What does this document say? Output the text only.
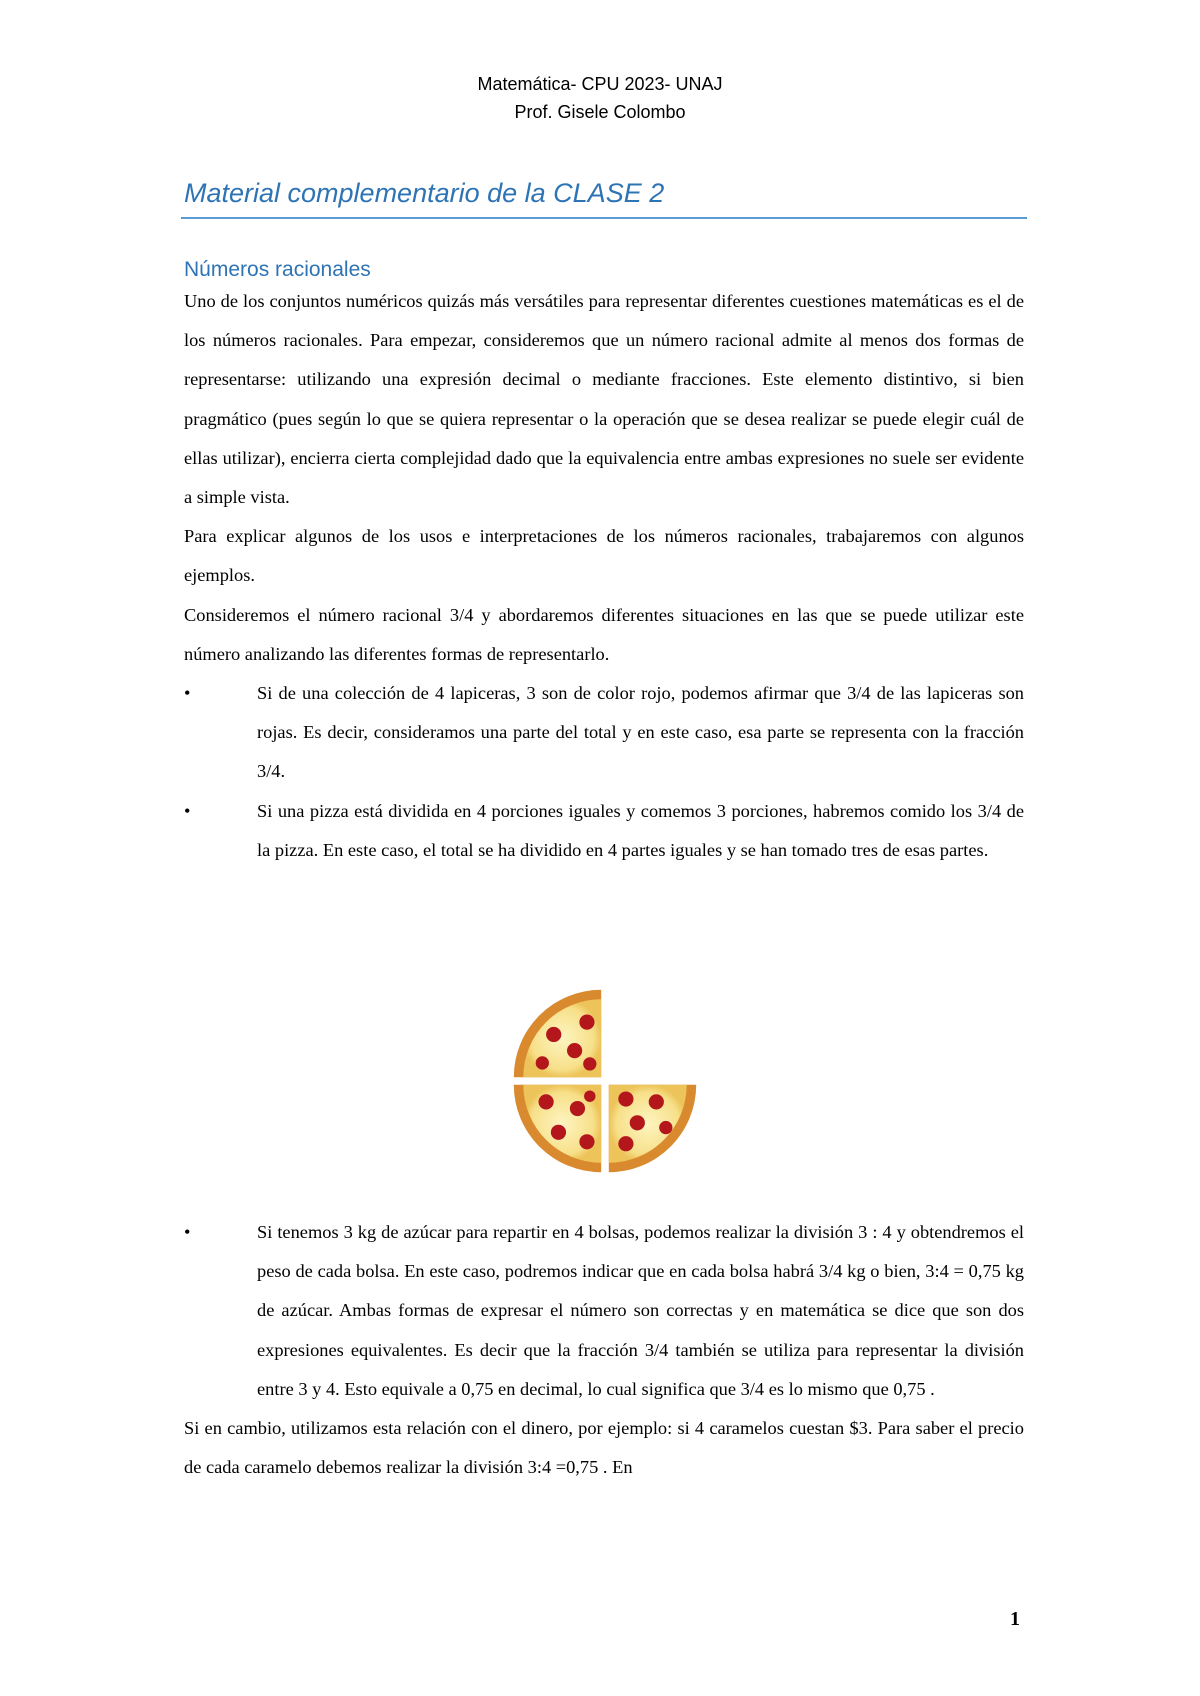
Matemática- CPU 2023- UNAJ
Prof. Gisele Colombo
Material complementario de la CLASE 2
Números racionales

Uno de los conjuntos numéricos quizás más versátiles para representar diferentes cuestiones matemáticas es el de los números racionales. Para empezar, consideremos que un número racional admite al menos dos formas de representarse: utilizando una expresión decimal o mediante fracciones. Este elemento distintivo, si bien pragmático (pues según lo que se quiera representar o la operación que se desea realizar se puede elegir cuál de ellas utilizar), encierra cierta complejidad dado que la equivalencia entre ambas expresiones no suele ser evidente a simple vista.

Para explicar algunos de los usos e interpretaciones de los números racionales, trabajaremos con algunos ejemplos.

Consideremos el número racional 3/4 y abordaremos diferentes situaciones en las que se puede utilizar este número analizando las diferentes formas de representarlo.

•	Si de una colección de 4 lapiceras, 3 son de color rojo, podemos afirmar que 3/4 de las lapiceras son rojas. Es decir, consideramos una parte del total y en este caso, esa parte se representa con la fracción 3/4.
•	Si una pizza está dividida en 4 porciones iguales y comemos 3 porciones, habremos comido los 3/4 de la pizza. En este caso, el total se ha dividido en 4 partes iguales y se han tomado tres de esas partes.
•	Si tenemos 3 kg de azúcar para repartir en 4 bolsas, podemos realizar la división 3 : 4 y obtendremos el peso de cada bolsa. En este caso, podremos indicar que en cada bolsa habrá 3/4 kg o bien, 3:4 = 0,75 kg de azúcar. Ambas formas de expresar el número son correctas y en matemática se dice que son dos expresiones equivalentes. Es decir que la fracción 3/4 también se utiliza para representar la división entre 3 y 4. Esto equivale a 0,75 en decimal, lo cual significa que 3/4 es lo mismo que 0,75 .

Si en cambio, utilizamos esta relación con el dinero, por ejemplo: si 4 caramelos cuestan $3. Para saber el precio de cada caramelo debemos realizar la división 3:4 =0,75 . En

1
